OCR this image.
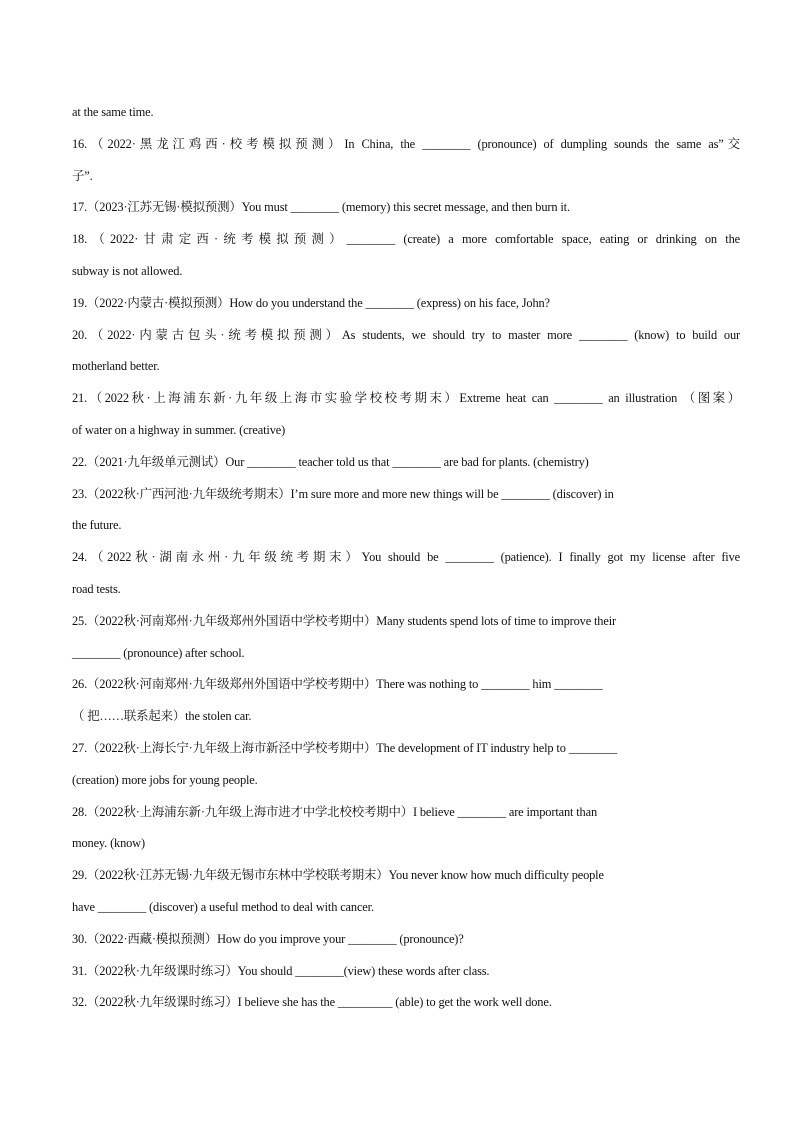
at the same time.
16.（2022·黑龙江鸡西·校考模拟预测）In China, the ________ (pronounce) of dumpling sounds the same as”交
子”.
17.（2023·江苏无锡·模拟预测）You must ________ (memory) this secret message, and then burn it.
18.（2022·甘肃定西·统考模拟预测）________ (create) a more comfortable space, eating or drinking on the
subway is not allowed.
19.（2022·内蒙古·模拟预测）How do you understand the ________ (express) on his face, John?
20.（2022·内蒙古包头·统考模拟预测）As students, we should try to master more ________ (know) to build our
motherland better.
21.（2022秋·上海浦东新·九年级上海市实验学校校考期末）Extreme heat can ________ an illustration （图案）
of water on a highway in summer. (creative)
22.（2021·九年级单元测试）Our ________ teacher told us that ________ are bad for plants. (chemistry)
23.（2022秋·广西河池·九年级统考期末）I’m sure more and more new things will be ________ (discover) in
the future.
24.（2022秋·湖南永州·九年级统考期末）You should be ________ (patience). I finally got my license after five
road tests.
25.（2022秋·河南郑州·九年级郑州外国语中学校考期中）Many students spend lots of time to improve their
________ (pronounce) after school.
26.（2022秋·河南郑州·九年级郑州外国语中学校考期中）There was nothing to ________ him ________
（ 把……联系起来）the stolen car.
27.（2022秋·上海长宁·九年级上海市新泾中学校考期中）The development of IT industry help to ________
(creation) more jobs for young people.
28.（2022秋·上海浦东新·九年级上海市进才中学北校校考期中）I believe ________ are important than
money. (know)
29.（2022秋·江苏无锡·九年级无锡市东林中学校联考期末）You never know how much difficulty people
have ________ (discover) a useful method to deal with cancer.
30.（2022·西藏·模拟预测）How do you improve your ________ (pronounce)?
31.（2022秋·九年级课时练习）You should ________(view) these words after class.
32.（2022秋·九年级课时练习）I believe she has the _________ (able) to get the work well done.
